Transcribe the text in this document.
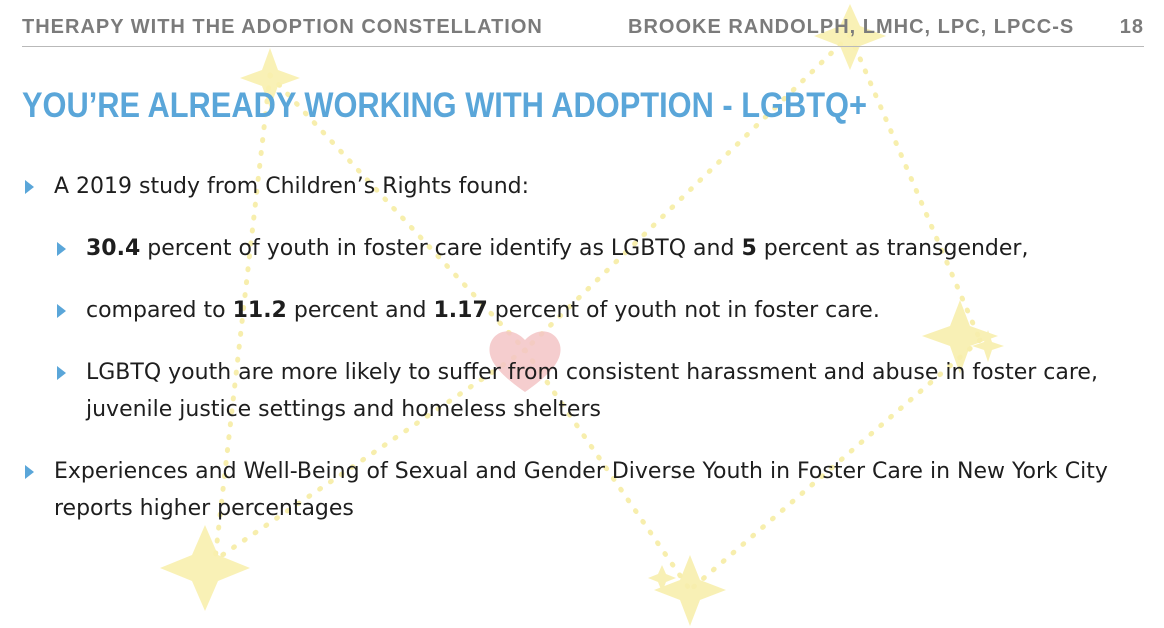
THERAPY WITH THE ADOPTION CONSTELLATION	BROOKE RANDOLPH, LMHC, LPC, LPCC-S 18
YOU’RE ALREADY WORKING WITH ADOPTION - LGBTQ+
A 2019 study from Children’s Rights found:
30.4 percent of youth in foster care identify as LGBTQ and 5 percent as transgender,
compared to 11.2 percent and 1.17 percent of youth not in foster care.
LGBTQ youth are more likely to suffer from consistent harassment and abuse in foster care, juvenile justice settings and homeless shelters
Experiences and Well-Being of Sexual and Gender Diverse Youth in Foster Care in New York City reports higher percentages
